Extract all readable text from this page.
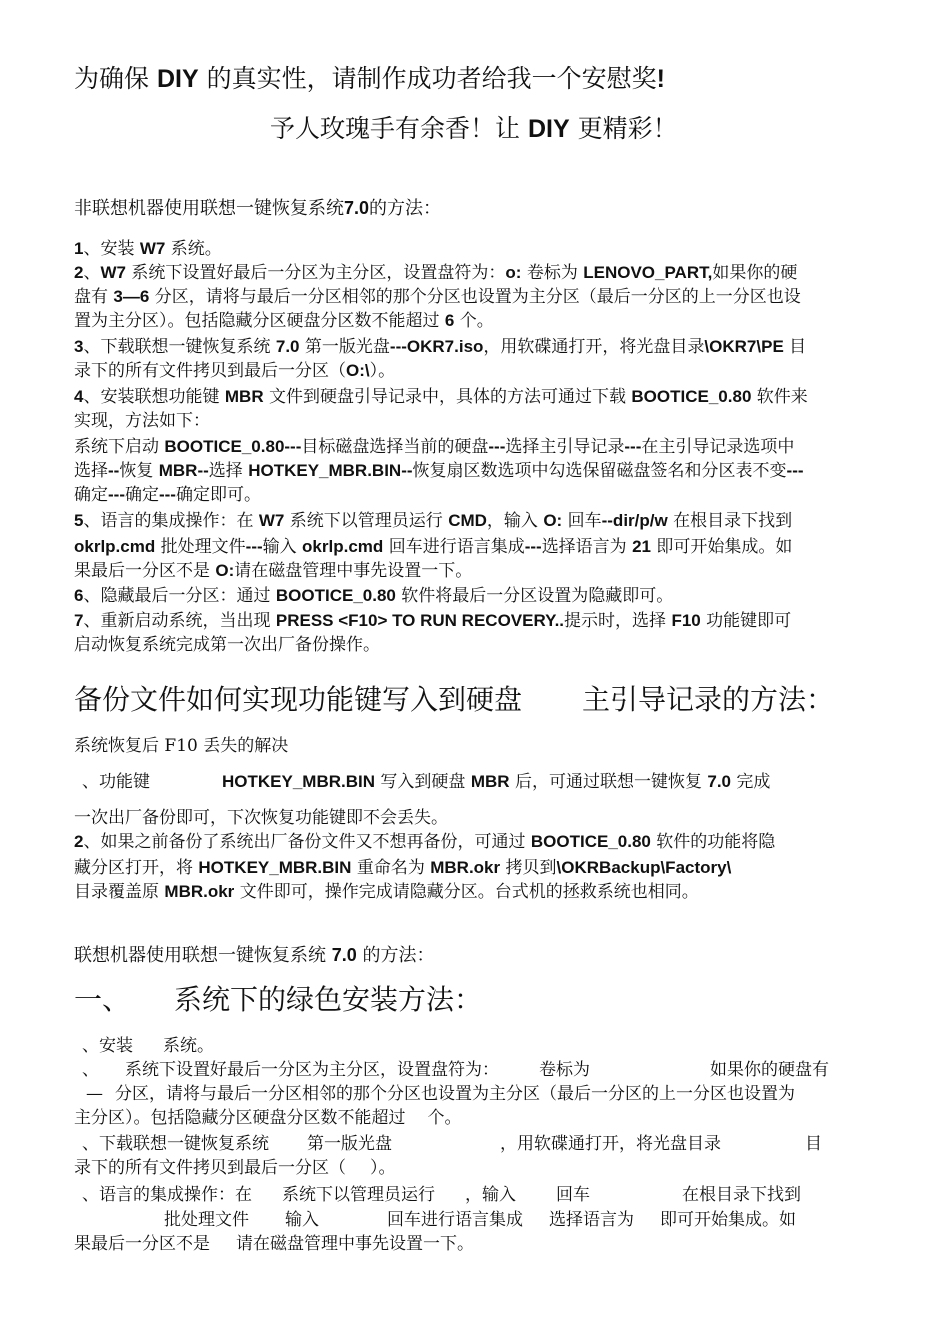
为确保 DIY 的真实性，请制作成功者给我一个安慰奖!
予人玫瑰手有余香！让 DIY 更精彩！
非联想机器使用联想一键恢复系统7.0的方法：
1、安装 W7 系统。
2、W7 系统下设置好最后一分区为主分区，设置盘符为：o: 卷标为 LENOVO_PART,如果你的硬
盘有 3—6 分区，请将与最后一分区相邻的那个分区也设置为主分区（最后一分区的上一分区也设
置为主分区）。包括隐藏分区硬盘分区数不能超过 6 个。
3、下载联想一键恢复系统 7.0 第一版光盘---OKR7.iso，用软碟通打开，将光盘目录\OKR7\PE 目
录下的所有文件拷贝到最后一分区（O:\）。
4、安装联想功能键 MBR 文件到硬盘引导记录中，具体的方法可通过下载 BOOTICE_0.80 软件来
实现，方法如下：
系统下启动 BOOTICE_0.80---目标磁盘选择当前的硬盘---选择主引导记录---在主引导记录选项中
选择--恢复 MBR--选择 HOTKEY_MBR.BIN--恢复扇区数选项中勾选保留磁盘签名和分区表不变---
确定---确定---确定即可。
5、语言的集成操作：在 W7 系统下以管理员运行 CMD，输入 O: 回车--dir/p/w 在根目录下找到
okrlp.cmd 批处理文件---输入 okrlp.cmd 回车进行语言集成---选择语言为 21 即可开始集成。如
果最后一分区不是 O:请在磁盘管理中事先设置一下。
6、隐藏最后一分区：通过 BOOTICE_0.80 软件将最后一分区设置为隐藏即可。
7、重新启动系统，当出现 PRESS <F10> TO RUN RECOVERY..提示时，选择 F10 功能键即可
启动恢复系统完成第一次出厂备份操作。
备份文件如何实现功能键写入到硬盘 主引导记录的方法：
系统恢复后 F10 丢失的解决
、功能键	HOTKEY_MBR.BIN 写入到硬盘 MBR 后，可通过联想一键恢复 7.0 完成
一次出厂备份即可，下次恢复功能键即不会丢失。
2、如果之前备份了系统出厂备份文件又不想再备份，可通过 BOOTICE_0.80 软件的功能将隐
藏分区打开，将 HOTKEY_MBR.BIN 重命名为 MBR.okr 拷贝到\OKRBackup\Factory\
目录覆盖原 MBR.okr 文件即可，操作完成请隐藏分区。台式机的拯救系统也相同。
联想机器使用联想一键恢复系统 7.0 的方法：
一、 系统下的绿色安装方法：
、安装 系统。
、 系统下设置好最后一分区为主分区，设置盘符为： 卷标为	如果你的硬盘有
— 分区，请将与最后一分区相邻的那个分区也设置为主分区（最后一分区的上一分区也设置为
主分区）。包括隐藏分区硬盘分区数不能超过 个。
、下载联想一键恢复系统 第一版光盘	，用软碟通打开，将光盘目录	目
录下的所有文件拷贝到最后一分区（ ）。
、语言的集成操作：在 系统下以管理员运行 ，输入 回车	在根目录下找到
批处理文件 输入	回车进行语言集成 选择语言为 即可开始集成。如
果最后一分区不是 请在磁盘管理中事先设置一下。
